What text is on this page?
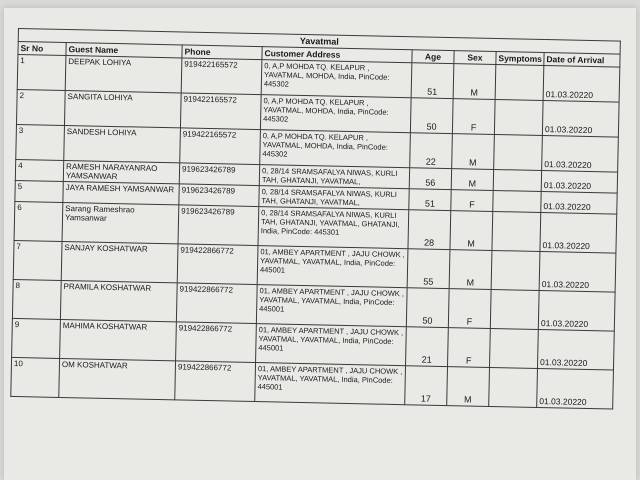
Yavatmal							
Sr No	Guest Name	Phone	Customer Address	Age	Sex	Symptoms	Date of Arrival
1	DEEPAK LOHIYA	919422165572	0, A,P MOHDA TQ. KELAPUR , YAVATMAL, MOHDA, India, PinCode: 445302	51	M		01.03.20220
2	SANGITA LOHIYA	919422165572	0, A,P MOHDA TQ. KELAPUR , YAVATMAL, MOHDA, India, PinCode: 445302	50	F		01.03.20220
3	SANDESH LOHIYA	919422165572	0, A,P MOHDA TQ. KELAPUR , YAVATMAL, MOHDA, India, PinCode: 445302	22	M		01.03.20220
4	RAMESH NARAYANRAO YAMSANWAR	919623426789	0, 28/14 SRAMSAFALYA NIWAS, KURLI TAH, GHATANJI, YAVATMAL,	56	M		01.03.20220
5	JAYA RAMESH YAMSANWAR	919623426789	0, 28/14 SRAMSAFALYA NIWAS, KURLI TAH, GHATANJI, YAVATMAL,	51	F		01.03.20220
6	Sarang Rameshrao Yamsanwar	919623426789	0, 28/14 SRAMSAFALYA NIWAS, KURLI TAH, GHATANJI, YAVATMAL, GHATANJI, India, PinCode: 445301	28	M		01.03.20220
7	SANJAY KOSHATWAR	919422866772	01, AMBEY APARTMENT , JAJU CHOWK , YAVATMAL, YAVATMAL, India, PinCode: 445001	55	M		01.03.20220
8	PRAMILA KOSHATWAR	919422866772	01, AMBEY APARTMENT , JAJU CHOWK , YAVATMAL, YAVATMAL, India, PinCode: 445001	50	F		01.03.20220
9	MAHIMA KOSHATWAR	919422866772	01, AMBEY APARTMENT , JAJU CHOWK , YAVATMAL, YAVATMAL, India, PinCode: 445001	21	F		01.03.20220
10	OM KOSHATWAR	919422866772	01, AMBEY APARTMENT , JAJU CHOWK , YAVATMAL, YAVATMAL, India, PinCode: 445001	17	M		01.03.20220
